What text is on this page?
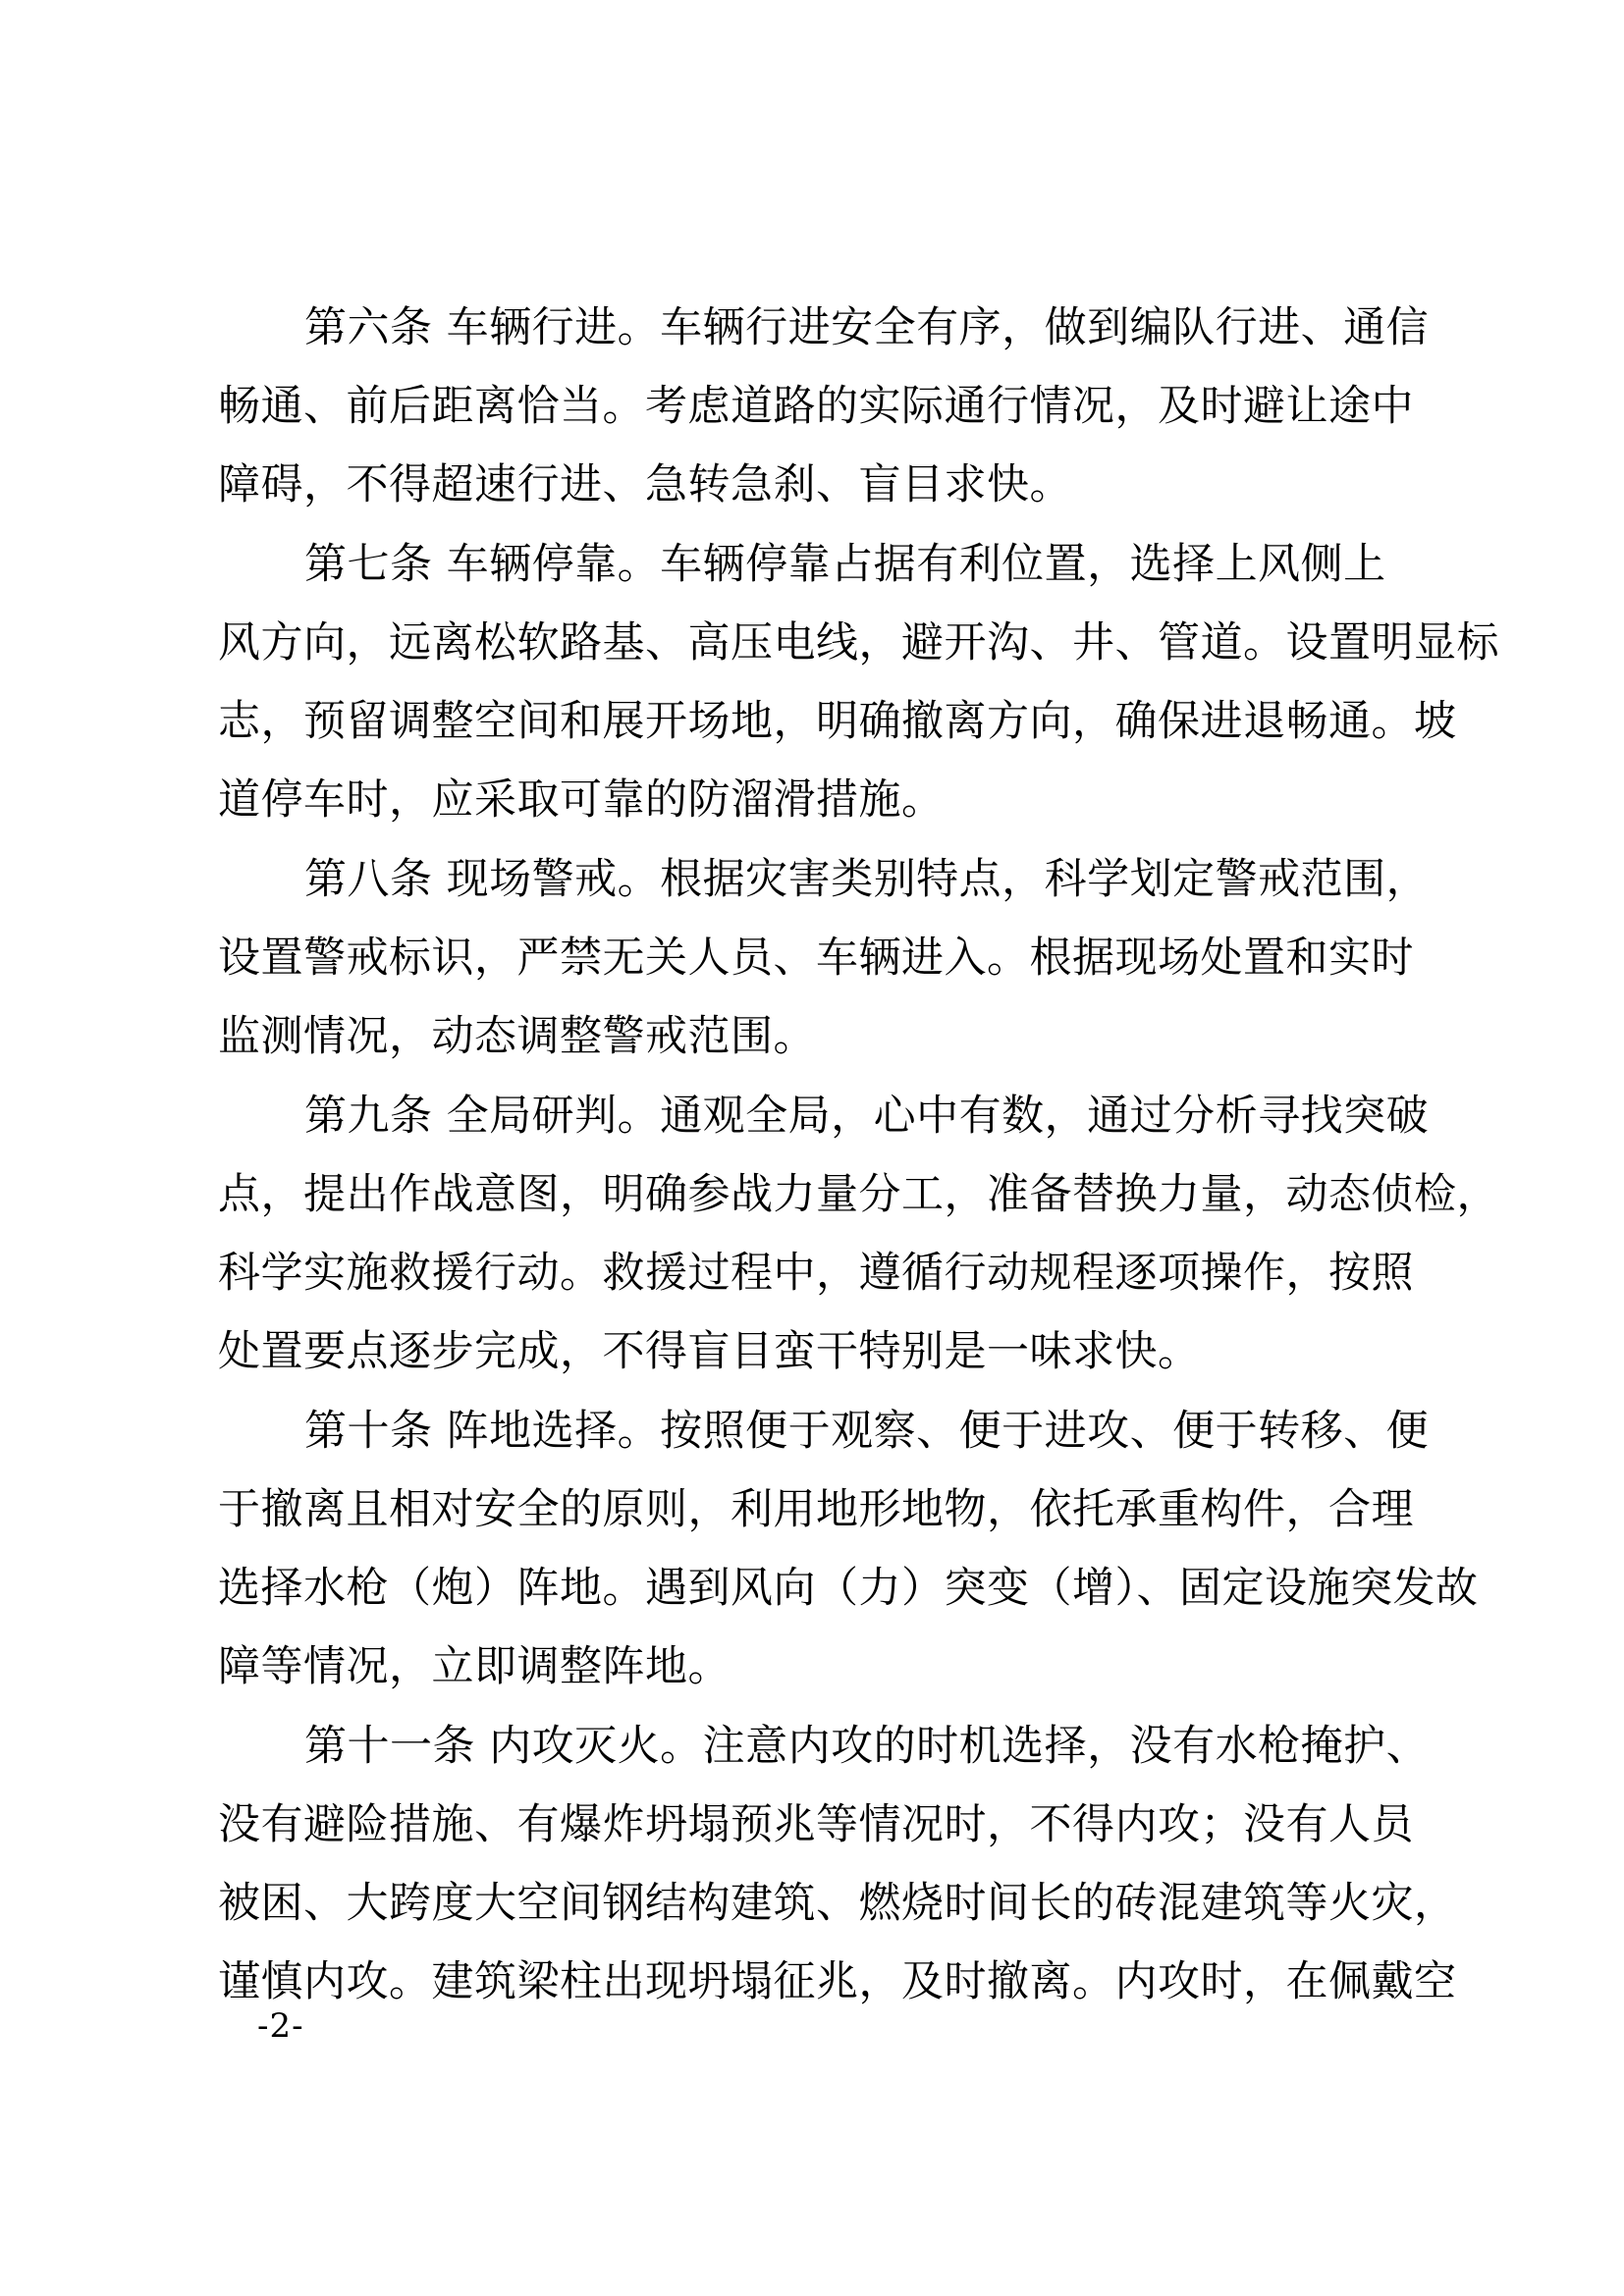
第六条 车辆行进。车辆行进安全有序，做到编队行进、通信
畅通、前后距离恰当。考虑道路的实际通行情况，及时避让途中
障碍，不得超速行进、急转急刹、盲目求快。
第七条 车辆停靠。车辆停靠占据有利位置，选择上风侧上
风方向，远离松软路基、高压电线，避开沟、井、管道。设置明显标
志，预留调整空间和展开场地，明确撤离方向，确保进退畅通。坡
道停车时，应采取可靠的防溜滑措施。
第八条 现场警戒。根据灾害类别特点，科学划定警戒范围，
设置警戒标识，严禁无关人员、车辆进入。根据现场处置和实时
监测情况，动态调整警戒范围。
第九条 全局研判。通观全局，心中有数，通过分析寻找突破
点，提出作战意图，明确参战力量分工，准备替换力量，动态侦检，
科学实施救援行动。救援过程中，遵循行动规程逐项操作，按照
处置要点逐步完成，不得盲目蛮干特别是一味求快。
第十条 阵地选择。按照便于观察、便于进攻、便于转移、便
于撤离且相对安全的原则，利用地形地物，依托承重构件，合理
选择水枪（炮）阵地。遇到风向（力）突变（增）、固定设施突发故
障等情况，立即调整阵地。
第十一条 内攻灭火。注意内攻的时机选择，没有水枪掩护、
没有避险措施、有爆炸坍塌预兆等情况时，不得内攻；没有人员
被困、大跨度大空间钢结构建筑、燃烧时间长的砖混建筑等火灾，
谨慎内攻。建筑梁柱出现坍塌征兆，及时撤离。内攻时，在佩戴空
-2-
